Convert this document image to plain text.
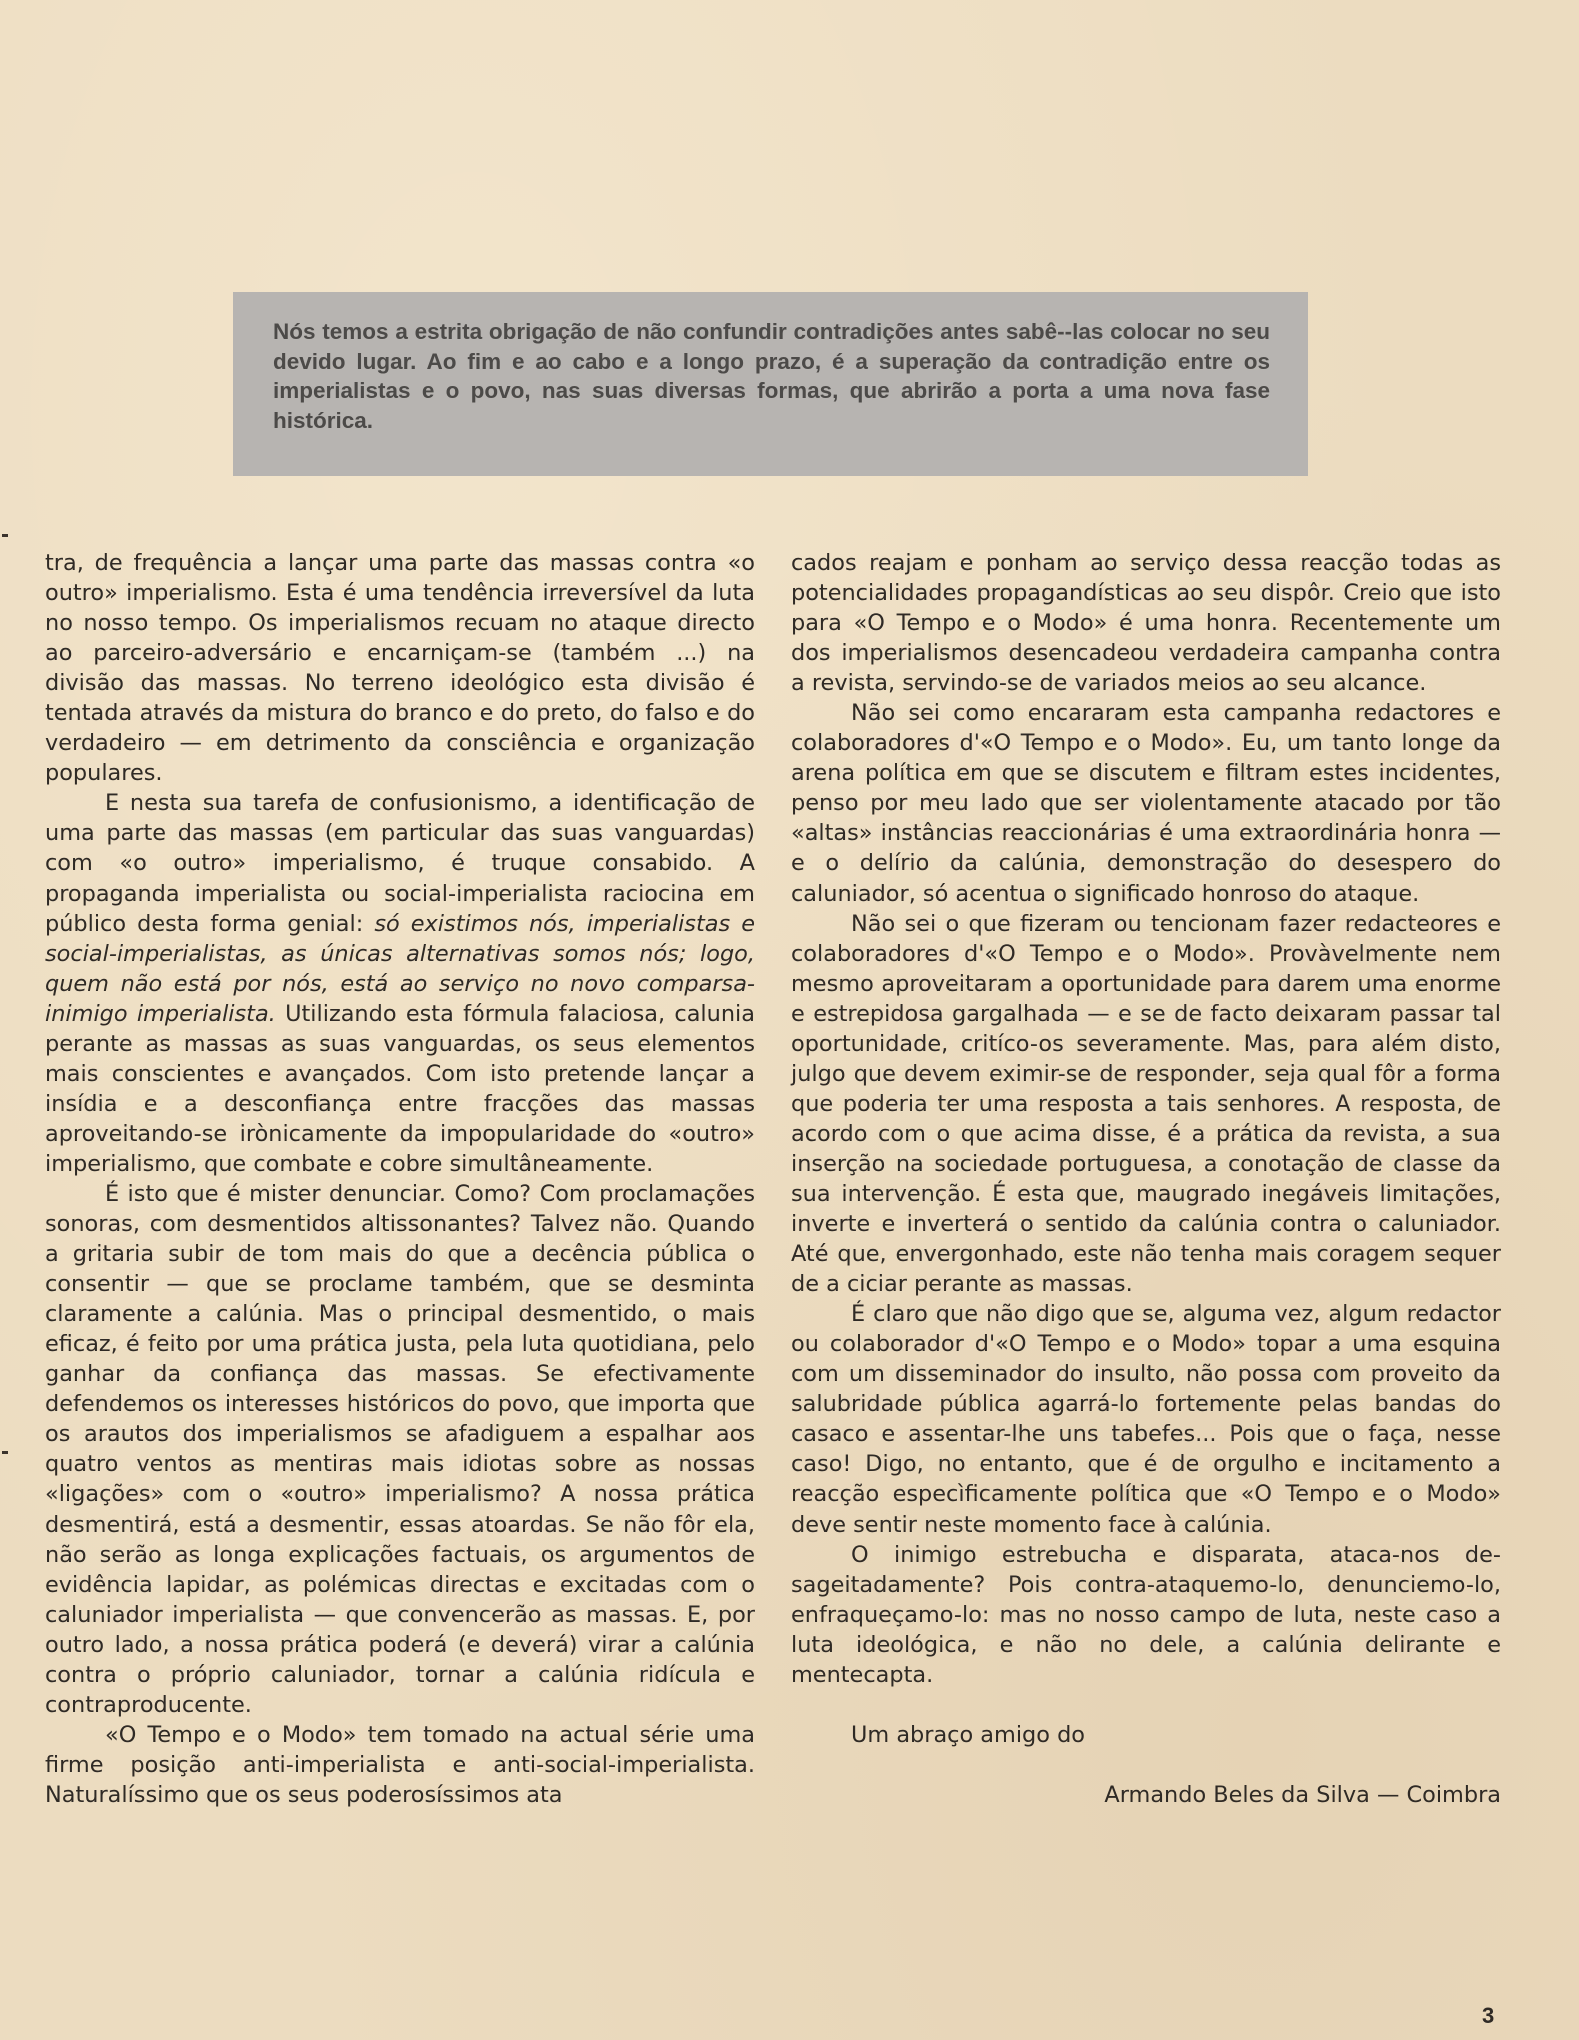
Nós temos a estrita obrigação de não confundir contradições antes sabê--las colocar no seu devido lugar. Ao fim e ao cabo e a longo prazo, é a superação da contradição entre os imperialistas e o povo, nas suas diversas formas, que abrirão a porta a uma nova fase histórica.

tra, de frequência a lançar uma parte das massas contra «o outro» imperialismo. Esta é uma tendência irreversível da luta no nosso tempo. Os imperialismos recuam no ataque directo ao parceiro-adversário e encarniçam-se (também ...) na divisão das massas. No terreno ideológico esta divisão é tentada através da mistura do branco e do preto, do falso e do verdadeiro — em detrimento da consciência e organização populares.

E nesta sua tarefa de confusionismo, a identificação de uma parte das massas (em particular das suas vanguardas) com «o outro» imperialismo, é truque consabido. A propaganda imperialista ou social-imperialista raciocina em público desta forma genial: só existimos nós, imperialistas e social-imperialistas, as únicas alternativas somos nós; logo, quem não está por nós, está ao serviço no novo comparsa-inimigo imperialista. Utilizando esta fórmula falaciosa, calunia perante as massas as suas vanguardas, os seus elementos mais conscientes e avançados. Com isto pretende lançar a insídia e a desconfiança entre fracções das massas aproveitando-se irònicamente da impopularidade do «outro» imperialismo, que combate e cobre simultâneamente.

É isto que é mister denunciar. Como? Com proclamações sonoras, com desmentidos altissonantes? Talvez não. Quando a gritaria subir de tom mais do que a decência pública o consentir — que se proclame também, que se desminta claramente a calúnia. Mas o principal desmentido, o mais eficaz, é feito por uma prática justa, pela luta quotidiana, pelo ganhar da confiança das massas. Se efectivamente defendemos os interesses históricos do povo, que importa que os arautos dos imperialismos se afadiguem a espalhar aos quatro ventos as mentiras mais idiotas sobre as nossas «ligações» com o «outro» imperialismo? A nossa prática desmentirá, está a desmentir, essas atoardas. Se não fôr ela, não serão as longa explicações factuais, os argumentos de evidência lapidar, as polémicas directas e excitadas com o caluniador imperialista — que convencerão as massas. E, por outro lado, a nossa prática poderá (e deverá) virar a calúnia contra o próprio caluniador, tornar a calúnia ridícula e contraproducente.

«O Tempo e o Modo» tem tomado na actual série uma firme posição anti-imperialista e anti-social-imperialista. Naturalíssimo que os seus poderosíssimos ata

cados reajam e ponham ao serviço dessa reacção todas as potencialidades propagandísticas ao seu dispôr. Creio que isto para «O Tempo e o Modo» é uma honra. Recentemente um dos imperialismos desencadeou verdadeira campanha contra a revista, servindo-se de variados meios ao seu alcance.

Não sei como encararam esta campanha redactores e colaboradores d'«O Tempo e o Modo». Eu, um tanto longe da arena política em que se discutem e filtram estes incidentes, penso por meu lado que ser violentamente atacado por tão «altas» instâncias reaccionárias é uma extraordinária honra — e o delírio da calúnia, demonstração do desespero do caluniador, só acentua o significado honroso do ataque.

Não sei o que fizeram ou tencionam fazer redacteores e colaboradores d'«O Tempo e o Modo». Provàvelmente nem mesmo aproveitaram a oportunidade para darem uma enorme e estrepidosa gargalhada — e se de facto deixaram passar tal oportunidade, critíco-os severamente. Mas, para além disto, julgo que devem eximir-se de responder, seja qual fôr a forma que poderia ter uma resposta a tais senhores. A resposta, de acordo com o que acima disse, é a prática da revista, a sua inserção na sociedade portuguesa, a conotação de classe da sua intervenção. É esta que, maugrado inegáveis limitações, inverte e inverterá o sentido da calúnia contra o caluniador. Até que, envergonhado, este não tenha mais coragem sequer de a ciciar perante as massas.

É claro que não digo que se, alguma vez, algum redactor ou colaborador d'«O Tempo e o Modo» topar a uma esquina com um disseminador do insulto, não possa com proveito da salubridade pública agarrá-lo fortemente pelas bandas do casaco e assentar-lhe uns tabefes... Pois que o faça, nesse caso! Digo, no entanto, que é de orgulho e incitamento a reacção especìficamente política que «O Tempo e o Modo» deve sentir neste momento face à calúnia.

O inimigo estrebucha e disparata, ataca-nos desageitadamente? Pois contra-ataquemo-lo, denunciemo-lo, enfraqueçamo-lo: mas no nosso campo de luta, neste caso a luta ideológica, e não no dele, a calúnia delirante e mentecapta.

Um abraço amigo do

Armando Beles da Silva — Coimbra

3
